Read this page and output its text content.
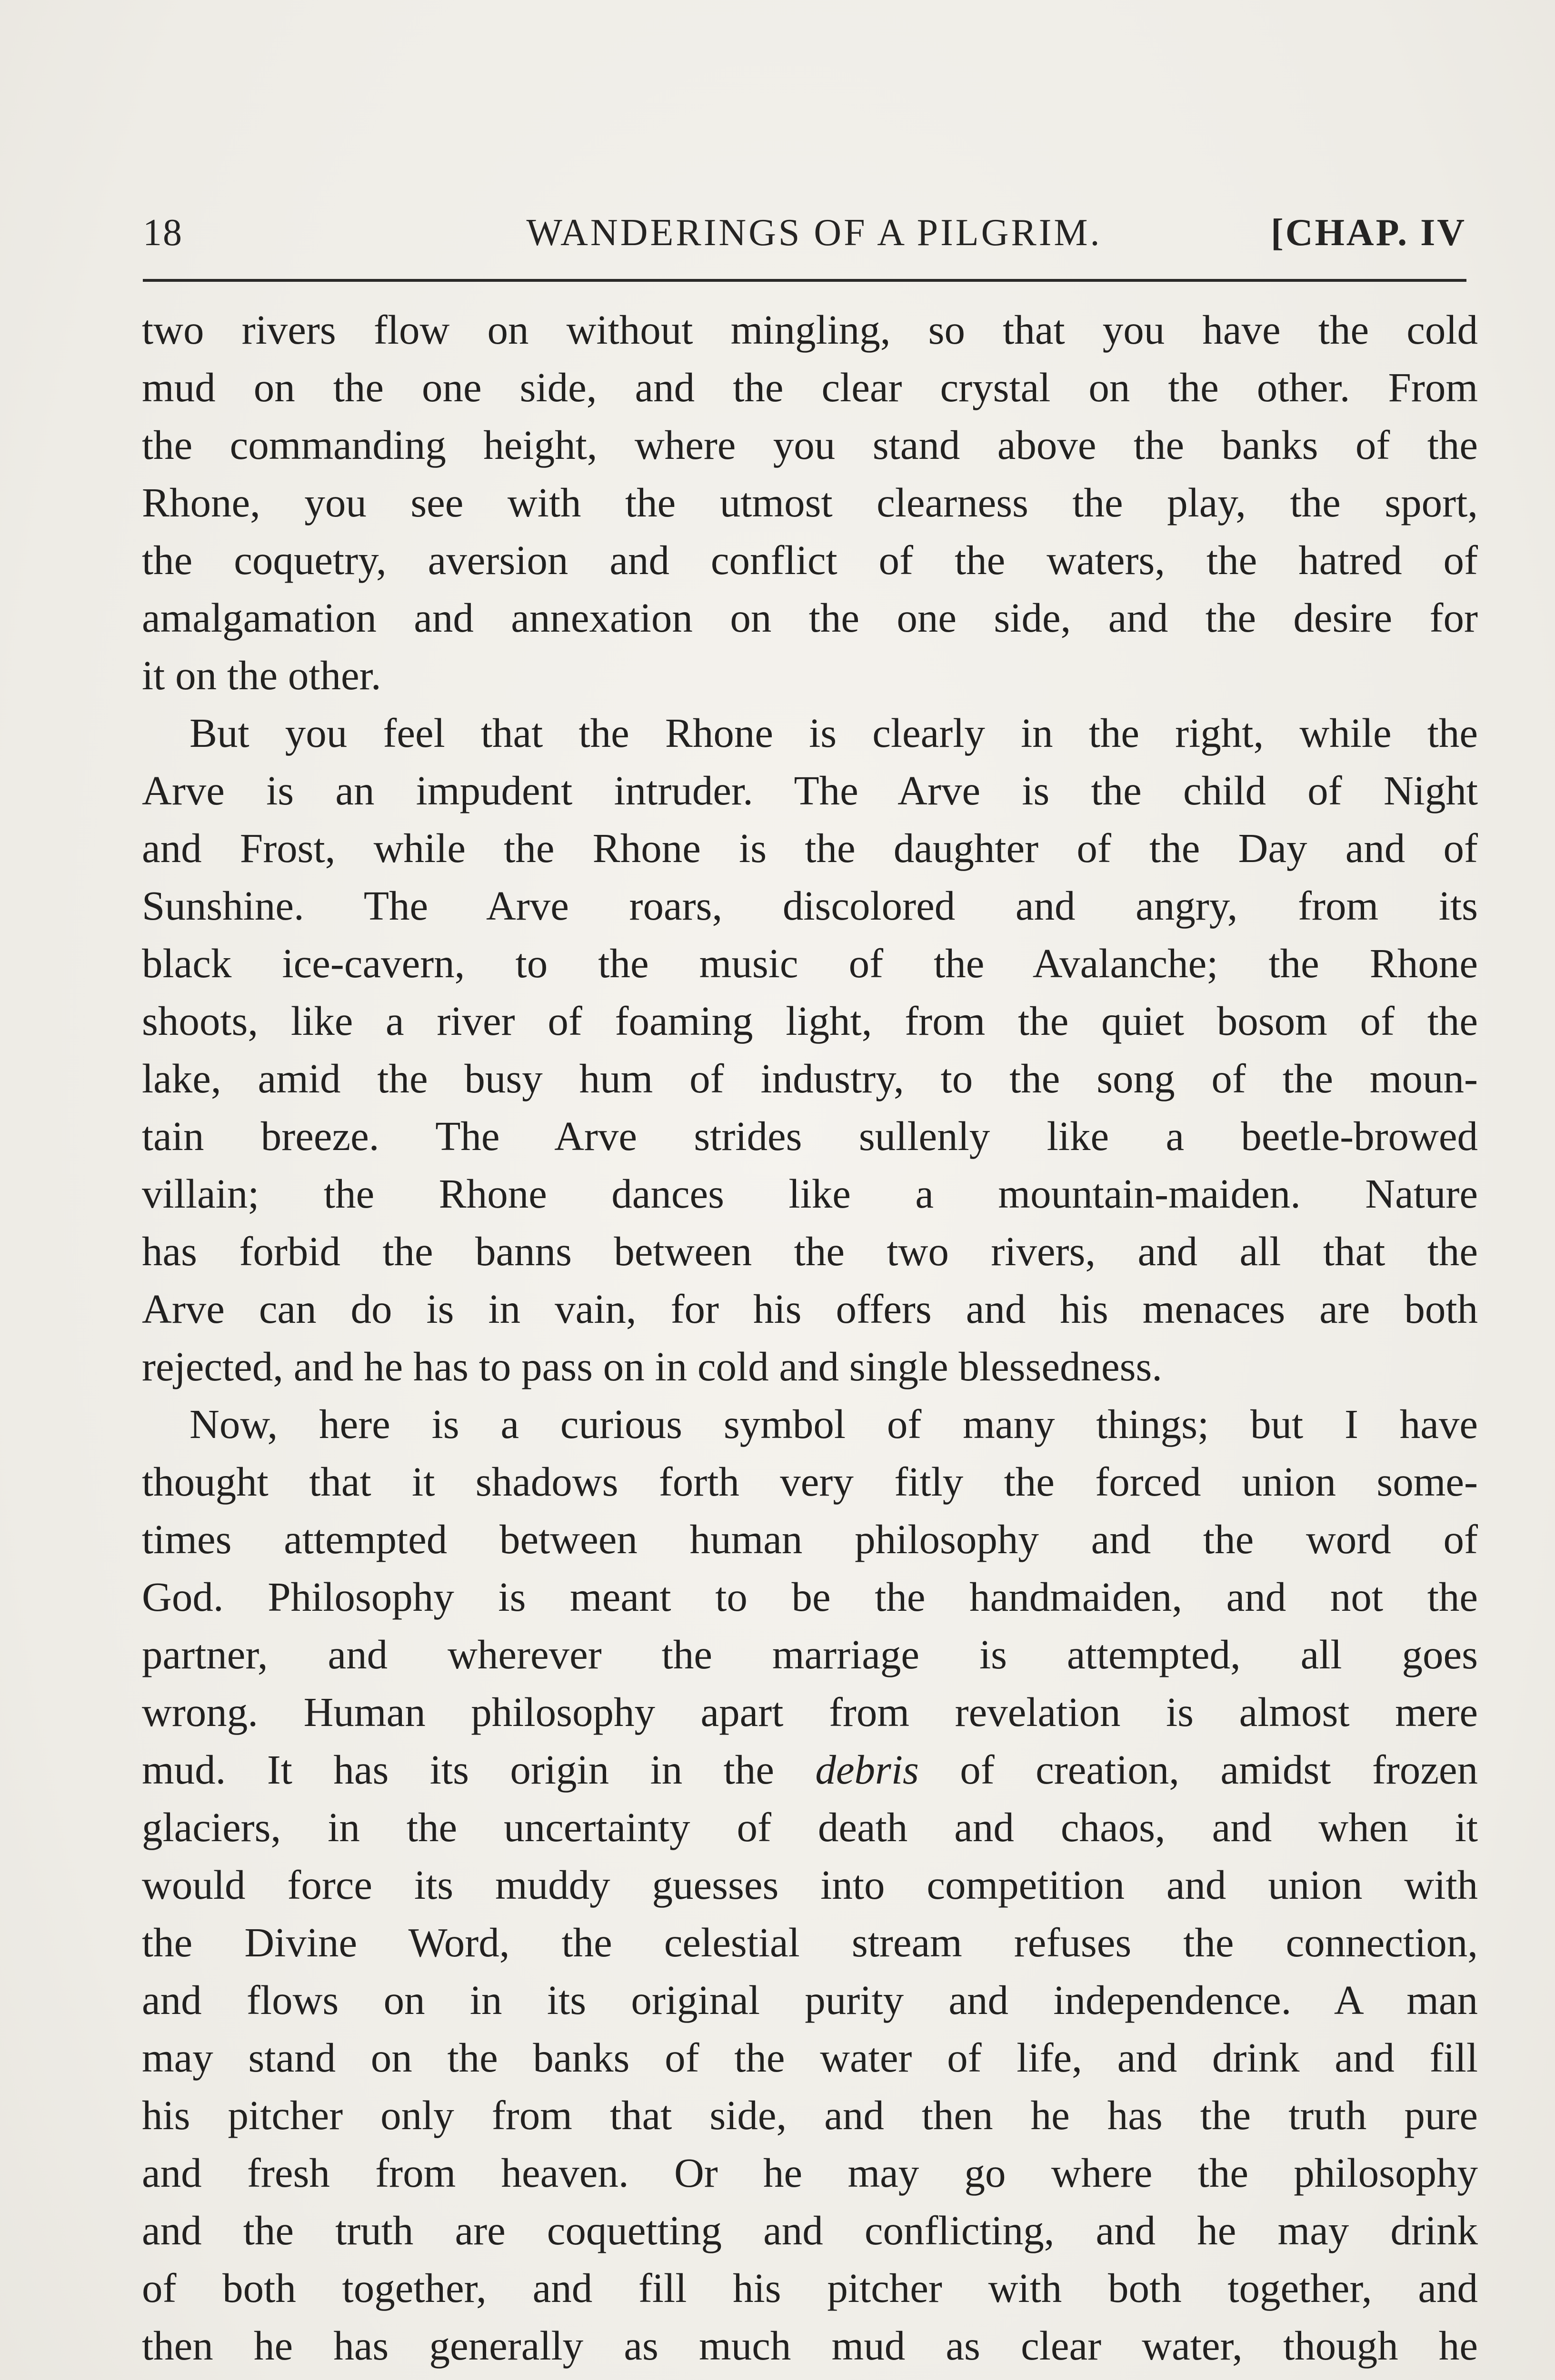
18	WANDERINGS OF A PILGRIM.	[CHAP. IV
two rivers flow on without mingling, so that you have the cold
mud on the one side, and the clear crystal on the other. From
the commanding height, where you stand above the banks of the
Rhone, you see with the utmost clearness the play, the sport,
the coquetry, aversion and conflict of the waters, the hatred of
amalgamation and annexation on the one side, and the desire for
it on the other.
But you feel that the Rhone is clearly in the right, while the
Arve is an impudent intruder. The Arve is the child of Night
and Frost, while the Rhone is the daughter of the Day and of
Sunshine. The Arve roars, discolored and angry, from its
black ice-cavern, to the music of the Avalanche; the Rhone
shoots, like a river of foaming light, from the quiet bosom of the
lake, amid the busy hum of industry, to the song of the moun-
tain breeze. The Arve strides sullenly like a beetle-browed
villain; the Rhone dances like a mountain-maiden. Nature
has forbid the banns between the two rivers, and all that the
Arve can do is in vain, for his offers and his menaces are both
rejected, and he has to pass on in cold and single blessedness.
Now, here is a curious symbol of many things; but I have
thought that it shadows forth very fitly the forced union some-
times attempted between human philosophy and the word of
God. Philosophy is meant to be the handmaiden, and not the
partner, and wherever the marriage is attempted, all goes
wrong. Human philosophy apart from revelation is almost mere
mud. It has its origin in the debris of creation, amidst frozen
glaciers, in the uncertainty of death and chaos, and when it
would force its muddy guesses into competition and union with
the Divine Word, the celestial stream refuses the connection,
and flows on in its original purity and independence. A man
may stand on the banks of the water of life, and drink and fill
his pitcher only from that side, and then he has the truth pure
and fresh from heaven. Or he may go where the philosophy
and the truth are coquetting and conflicting, and he may drink
of both together, and fill his pitcher with both together, and
then he has generally as much mud as clear water, though he
